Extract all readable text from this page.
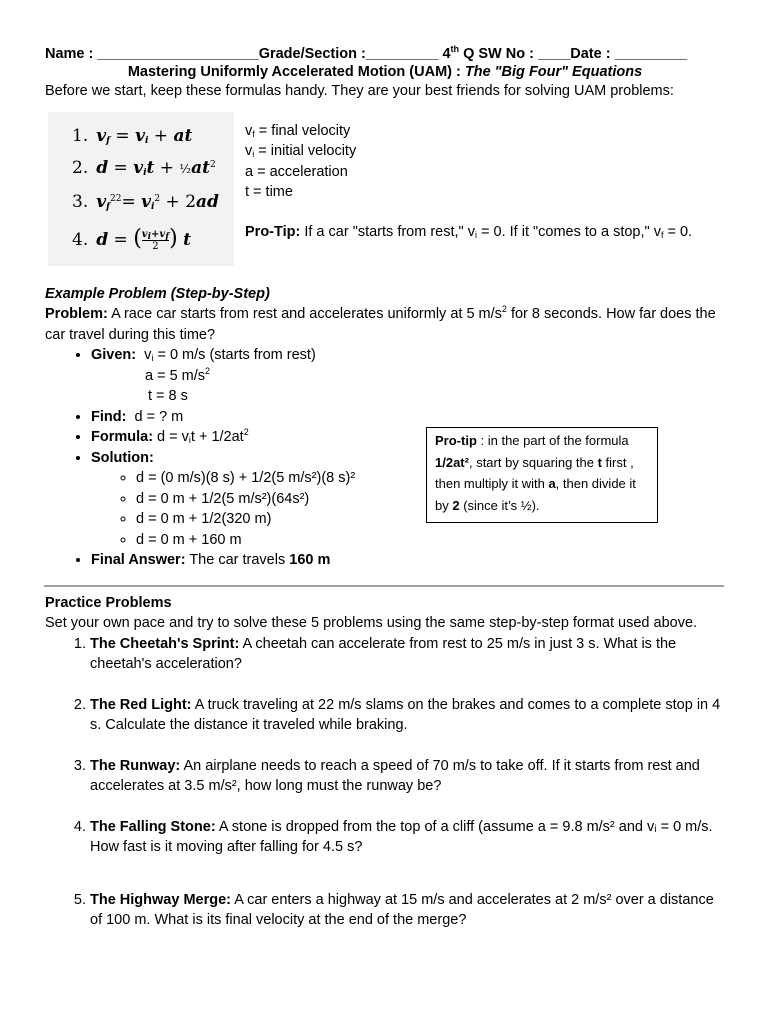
Name : ____________________Grade/Section :_________ 4th Q SW No : ____Date : _________
Mastering Uniformly Accelerated Motion (UAM) : The "Big Four" Equations

Before we start, keep these formulas handy. They are your best friends for solving UAM problems:

1. $v_f = v_i$ + at
2. $d = v_it$ + $\frac{1}{2}at^2$
3. $v_f^{22}= v_i^2 + 2ad$
4. d = ( $\frac{v_i+v_f}{2}$ ) t
$v_f$ = final velocity
$v_i$ = initial velocity
a = acceleration
t = time
Pro-Tip: If a car "starts from rest," $v_i = 0$. If it "comes to a stop," $v_f = 0$.

Example Problem (Step-by-Step)

Problem: A race car starts from rest and accelerates uniformly at 5 $m/s^2$ for 8 seconds. How far does the car travel during this time?

• Given:  $v_i = 0$ m/s (starts from rest)
a = 5 $m/s^2$
t = 8 s
• Find: d = ? m
• Formula: $d = v_it + 1/2at^2$
• Solution:
◦ d = (0 m/s)(8 s) + 1/2(5 m/s²)(8 s)²
◦ d = 0 m + 1/2(5 m/s²)(64s²)
◦ d = 0 m + 1/2(320 m)
◦ d = 0 m + 160 m
• Final Answer: The car travels 160 m
Pro-tip : in the part of the formula 1/2at², start by squaring the t first , then multiply it with a, then divide it by 2 (since it’s ½).

Practice Problems

Set your own pace and try to solve these 5 problems using the same step-by-step format used above.

1. The Cheetah's Sprint: A cheetah can accelerate from rest to 25 m/s in just 3 s. What is the cheetah's acceleration?
2. The Red Light: A truck traveling at 22 m/s slams on the brakes and comes to a complete stop in 4 s. Calculate the distance it traveled while braking.
3. The Runway: An airplane needs to reach a speed of 70 m/s to take off. If it starts from rest and accelerates at 3.5 m/s², how long must the runway be?
4. The Falling Stone: A stone is dropped from the top of a cliff (assume a = 9.8 m/s² and vᵢ = 0 m/s. How fast is it moving after falling for 4.5 s?
5. The Highway Merge: A car enters a highway at 15 m/s and accelerates at 2 m/s² over a distance of 100 m. What is its final velocity at the end of the merge?
